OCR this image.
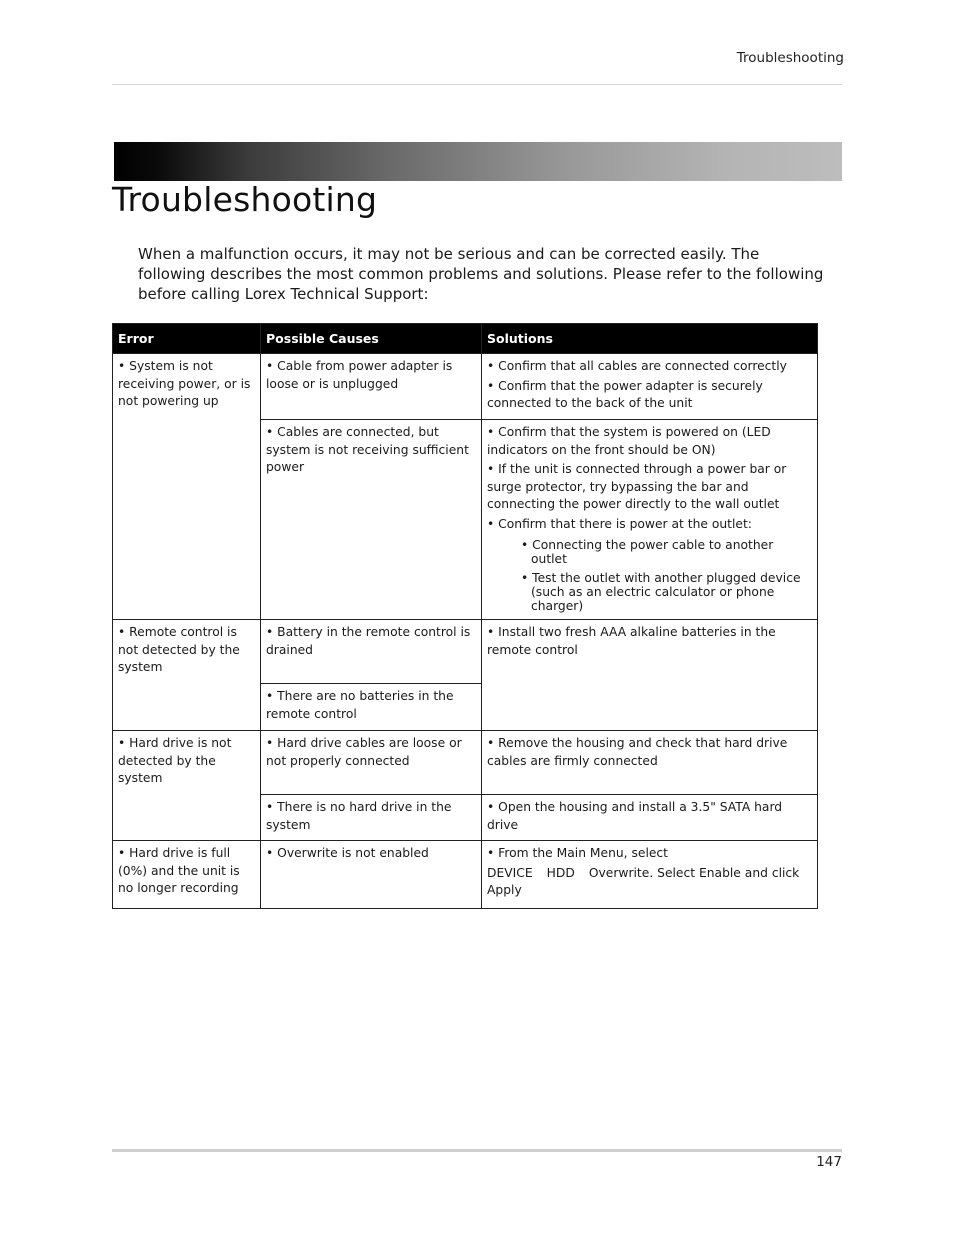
Troubleshooting
Troubleshooting

When a malfunction occurs, it may not be serious and can be corrected easily. The following describes the most common problems and solutions. Please refer to the following before calling Lorex Technical Support:

Error	Possible Causes	Solutions

• System is not receiving power, or is not powering up	• Cable from power adapter is loose or is unplugged	• Confirm that all cables are connected correctly
• Confirm that the power adapter is securely connected to the back of the unit

	• Cables are connected, but system is not receiving sufficient power	• Confirm that the system is powered on (LED indicators on the front should be ON)
• If the unit is connected through a power bar or surge protector, try bypassing the bar and connecting the power directly to the wall outlet
• Confirm that there is power at the outlet:
• Connecting the power cable to another outlet
• Test the outlet with another plugged device (such as an electric calculator or phone charger)

• Remote control is not detected by the system	• Battery in the remote control is drained	• Install two fresh AAA alkaline batteries in the remote control

	• There are no batteries in the remote control	

• Hard drive is not detected by the system	• Hard drive cables are loose or not properly connected	• Remove the housing and check that hard drive cables are firmly connected

	• There is no hard drive in the system	• Open the housing and install a 3.5" SATA hard drive

• Hard drive is full (0%) and the unit is no longer recording	• Overwrite is not enabled	• From the Main Menu, select
DEVICE HDD Overwrite. Select Enable and click Apply
147
